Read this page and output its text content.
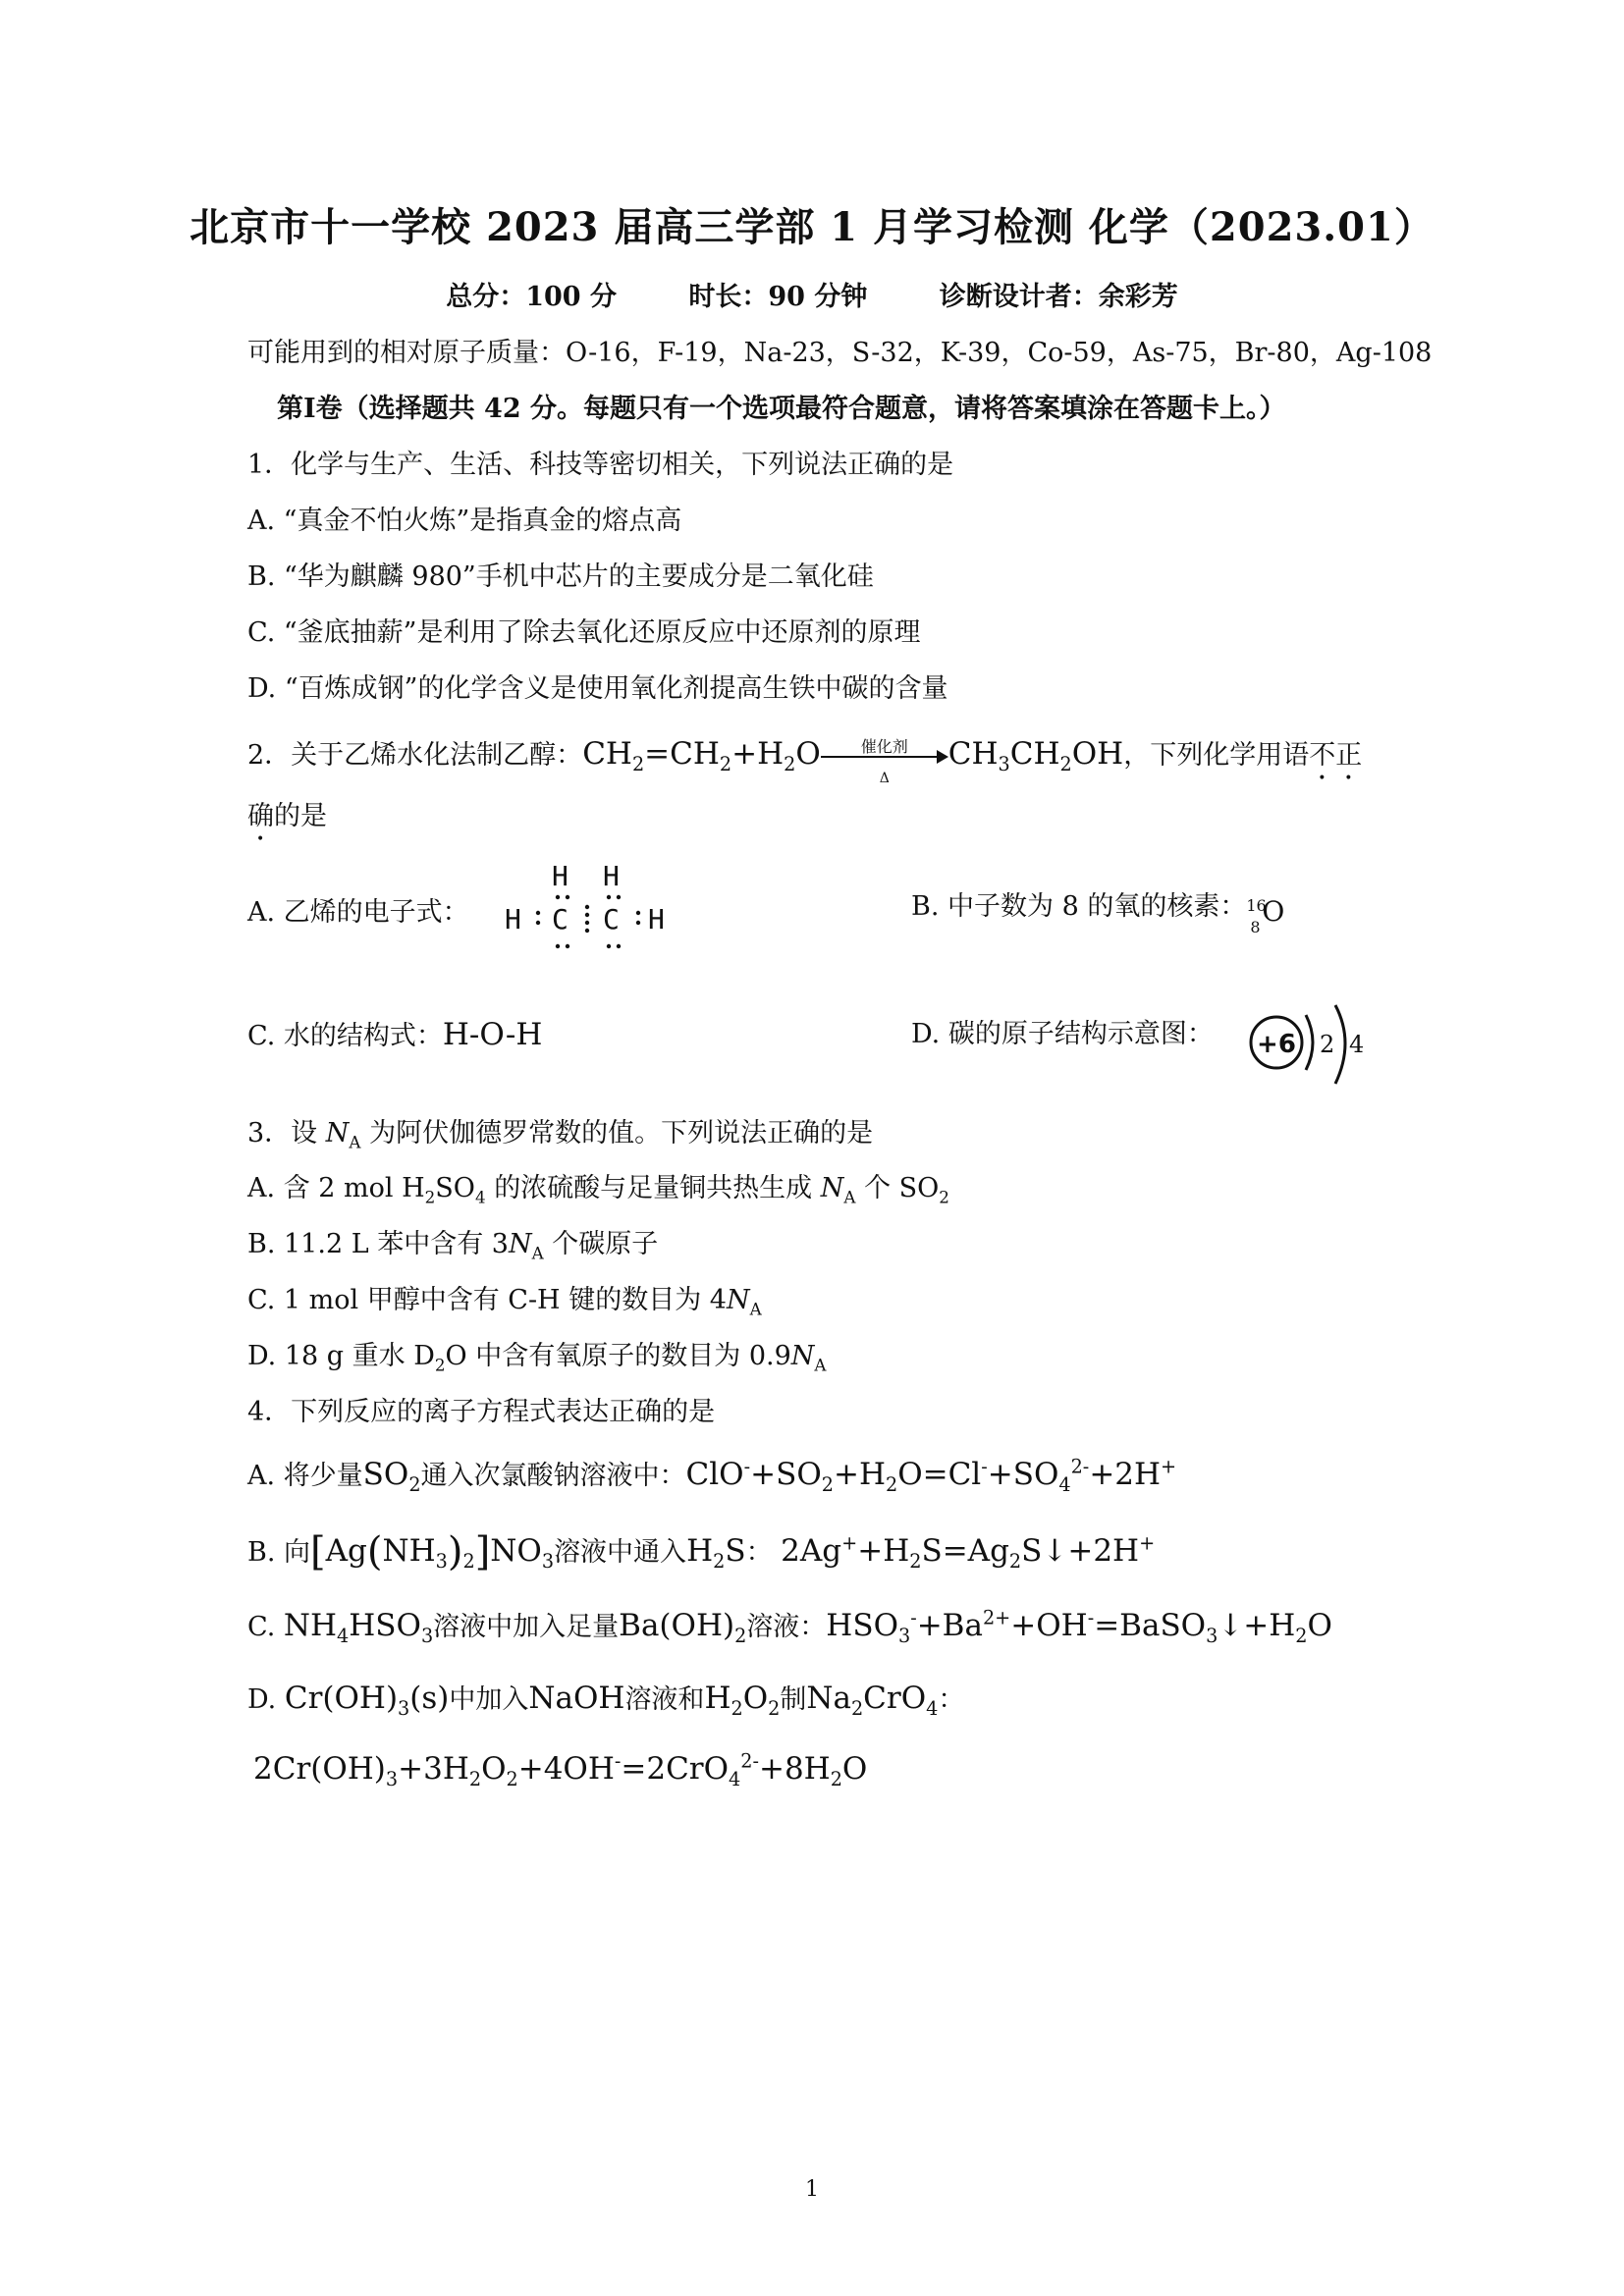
北京市十一学校 2023 届高三学部 1 月学习检测 化学（2023.01）
总分：100 分	时长：90 分钟	诊断设计者：余彩芳
可能用到的相对原子质量：O-16，F-19，Na-23，S-32，K-39，Co-59，As-75，Br-80，Ag-108
第Ⅰ卷（选择题共 42 分。每题只有一个选项最符合题意，请将答案填涂在答题卡上。）
1．化学与生产、生活、科技等密切相关，下列说法正确的是
A. “真金不怕火炼”是指真金的熔点高
B. “华为麒麟 980”手机中芯片的主要成分是二氧化硅
C. “釜底抽薪”是利用了除去氧化还原反应中还原剂的原理
D. “百炼成钢”的化学含义是使用氧化剂提高生铁中碳的含量
2．关于乙烯水化法制乙醇：$CH_2=CH_2+H_2O$	催化剂
Δ
$CH_3CH_2OH$，下列化学用语不正
确的是
A. 乙烯的电子式：
H H
H C C H	B. 中子数为 8 的氧的核素： 16
8 O
C. 水的结构式：H-O-H	D. 碳的原子结构示意图： +6 2 4
3．设 $N_A$ 为阿伏伽德罗常数的值。下列说法正确的是
A. 含 2 mol $H_2SO_4$ 的浓硫酸与足量铜共热生成 $N_A$ 个 $SO_2$
B. 11.2 L 苯中含有 $3N_A$ 个碳原子
C. 1 mol 甲醇中含有 C-H 键的数目为 $4N_A$
D. 18 g 重水 $D_2O$ 中含有氧原子的数目为 $0.9N_A$
4．下列反应的离子方程式表达正确的是
A. 将少量$SO_2$通入次氯酸钠溶液中：$ClO^-+SO_2+H_2O=Cl^-+SO_4^{2-}+2H^+$
B. 向$[Ag(NH_3)_2]NO_3$溶液中通入$H_2S$： $2Ag^++H_2S=Ag_2S↓+2H^+$
C. $NH_4HSO_3$溶液中加入足量$Ba(OH)_2$溶液：$HSO_3^-+Ba^{2+}+OH^-=BaSO_3↓+H_2O$
D. $Cr(OH)_3(s)$中加入NaOH溶液和$H_2O_2$制$Na_2CrO_4$：
$2Cr(OH)_3+3H_2O_2+4OH^-=2CrO_4^{2-}+8H_2O$
1
